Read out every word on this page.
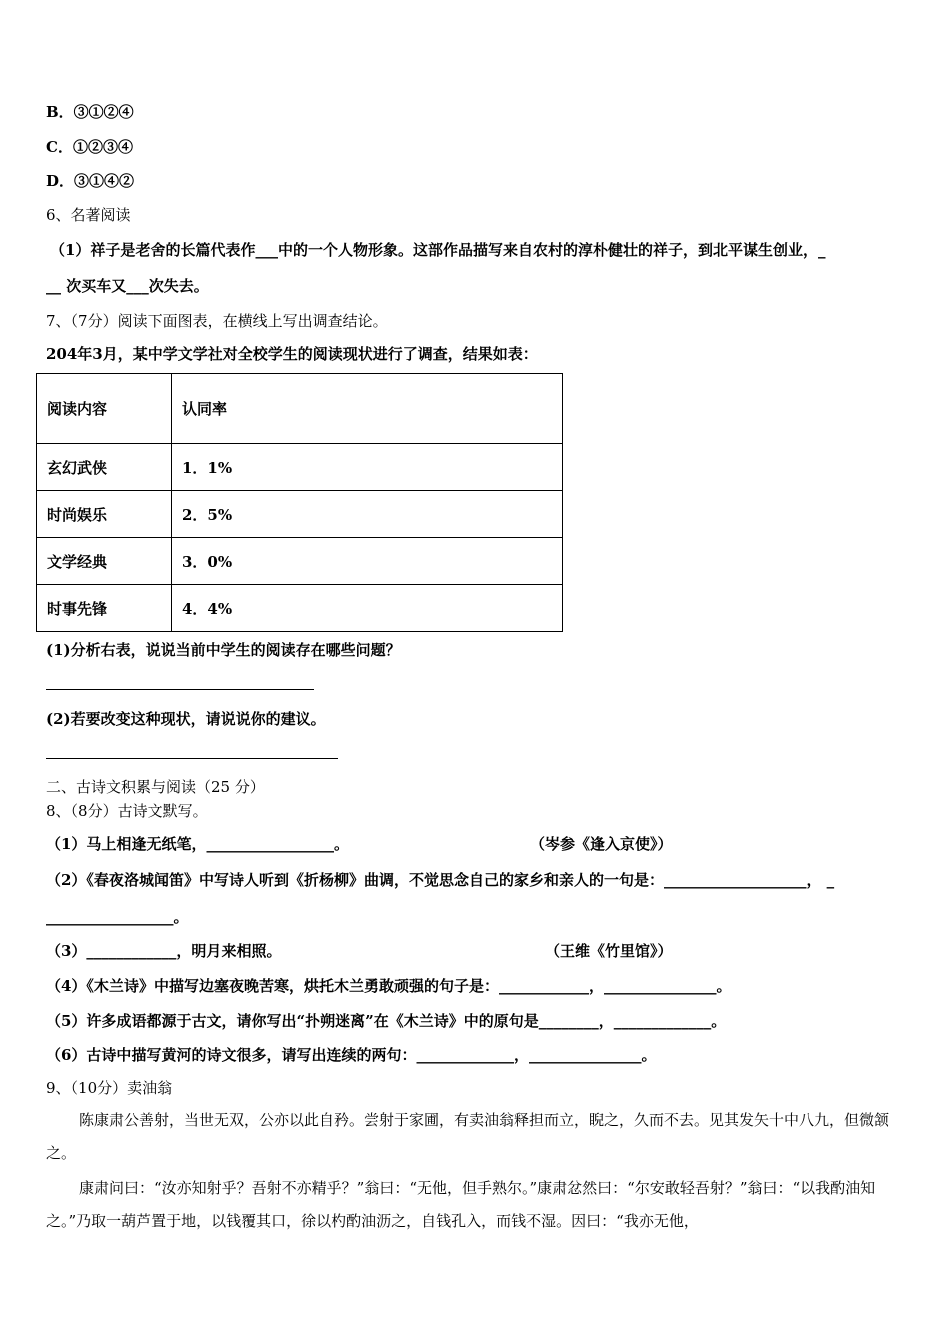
B．③①②④
C．①②③④
D．③①④②
6、名著阅读
（1）祥子是老舍的长篇代表作___中的一个人物形象。这部作品描写来自农村的淳朴健壮的祥子，到北平谋生创业，_
__ 次买车又___次失去。
7、（7分）阅读下面图表，在横线上写出调查结论。
204年3月，某中学文学社对全校学生的阅读现状进行了调查，结果如表：
阅读内容	认同率
玄幻武侠	1．1%
时尚娱乐	2．5%
文学经典	3．0%
时事先锋	4．4%
(1)分析右表，说说当前中学生的阅读存在哪些问题？
(2)若要改变这种现状，请说说你的建议。
二、古诗文积累与阅读（25 分）
8、（8分）古诗文默写。
（1）马上相逢无纸笔，_________________。	（岑参《逢入京使》）
（2）《春夜洛城闻笛》中写诗人听到《折杨柳》曲调，不觉思念自己的家乡和亲人的一句是：___________________， _
_________________。
（3）____________，明月来相照。	（王维《竹里馆》）
（4）《木兰诗》中描写边塞夜晚苦寒，烘托木兰勇敢顽强的句子是：____________，_______________。
（5）许多成语都源于古文，请你写出“扑朔迷离”在《木兰诗》中的原句是________，_____________。
（6）古诗中描写黄河的诗文很多，请写出连续的两句：_____________，_______________。
9、（10分）卖油翁
陈康肃公善射，当世无双，公亦以此自矜。尝射于家圃，有卖油翁释担而立，睨之，久而不去。见其发矢十中八九，但微颔之。
康肃问曰：“汝亦知射乎？吾射不亦精乎？”翁曰：“无他，但手熟尔。”康肃忿然曰：“尔安敢轻吾射？”翁曰：“以我酌油知之。”乃取一葫芦置于地，以钱覆其口，徐以杓酌油沥之，自钱孔入，而钱不湿。因曰：“我亦无他，
